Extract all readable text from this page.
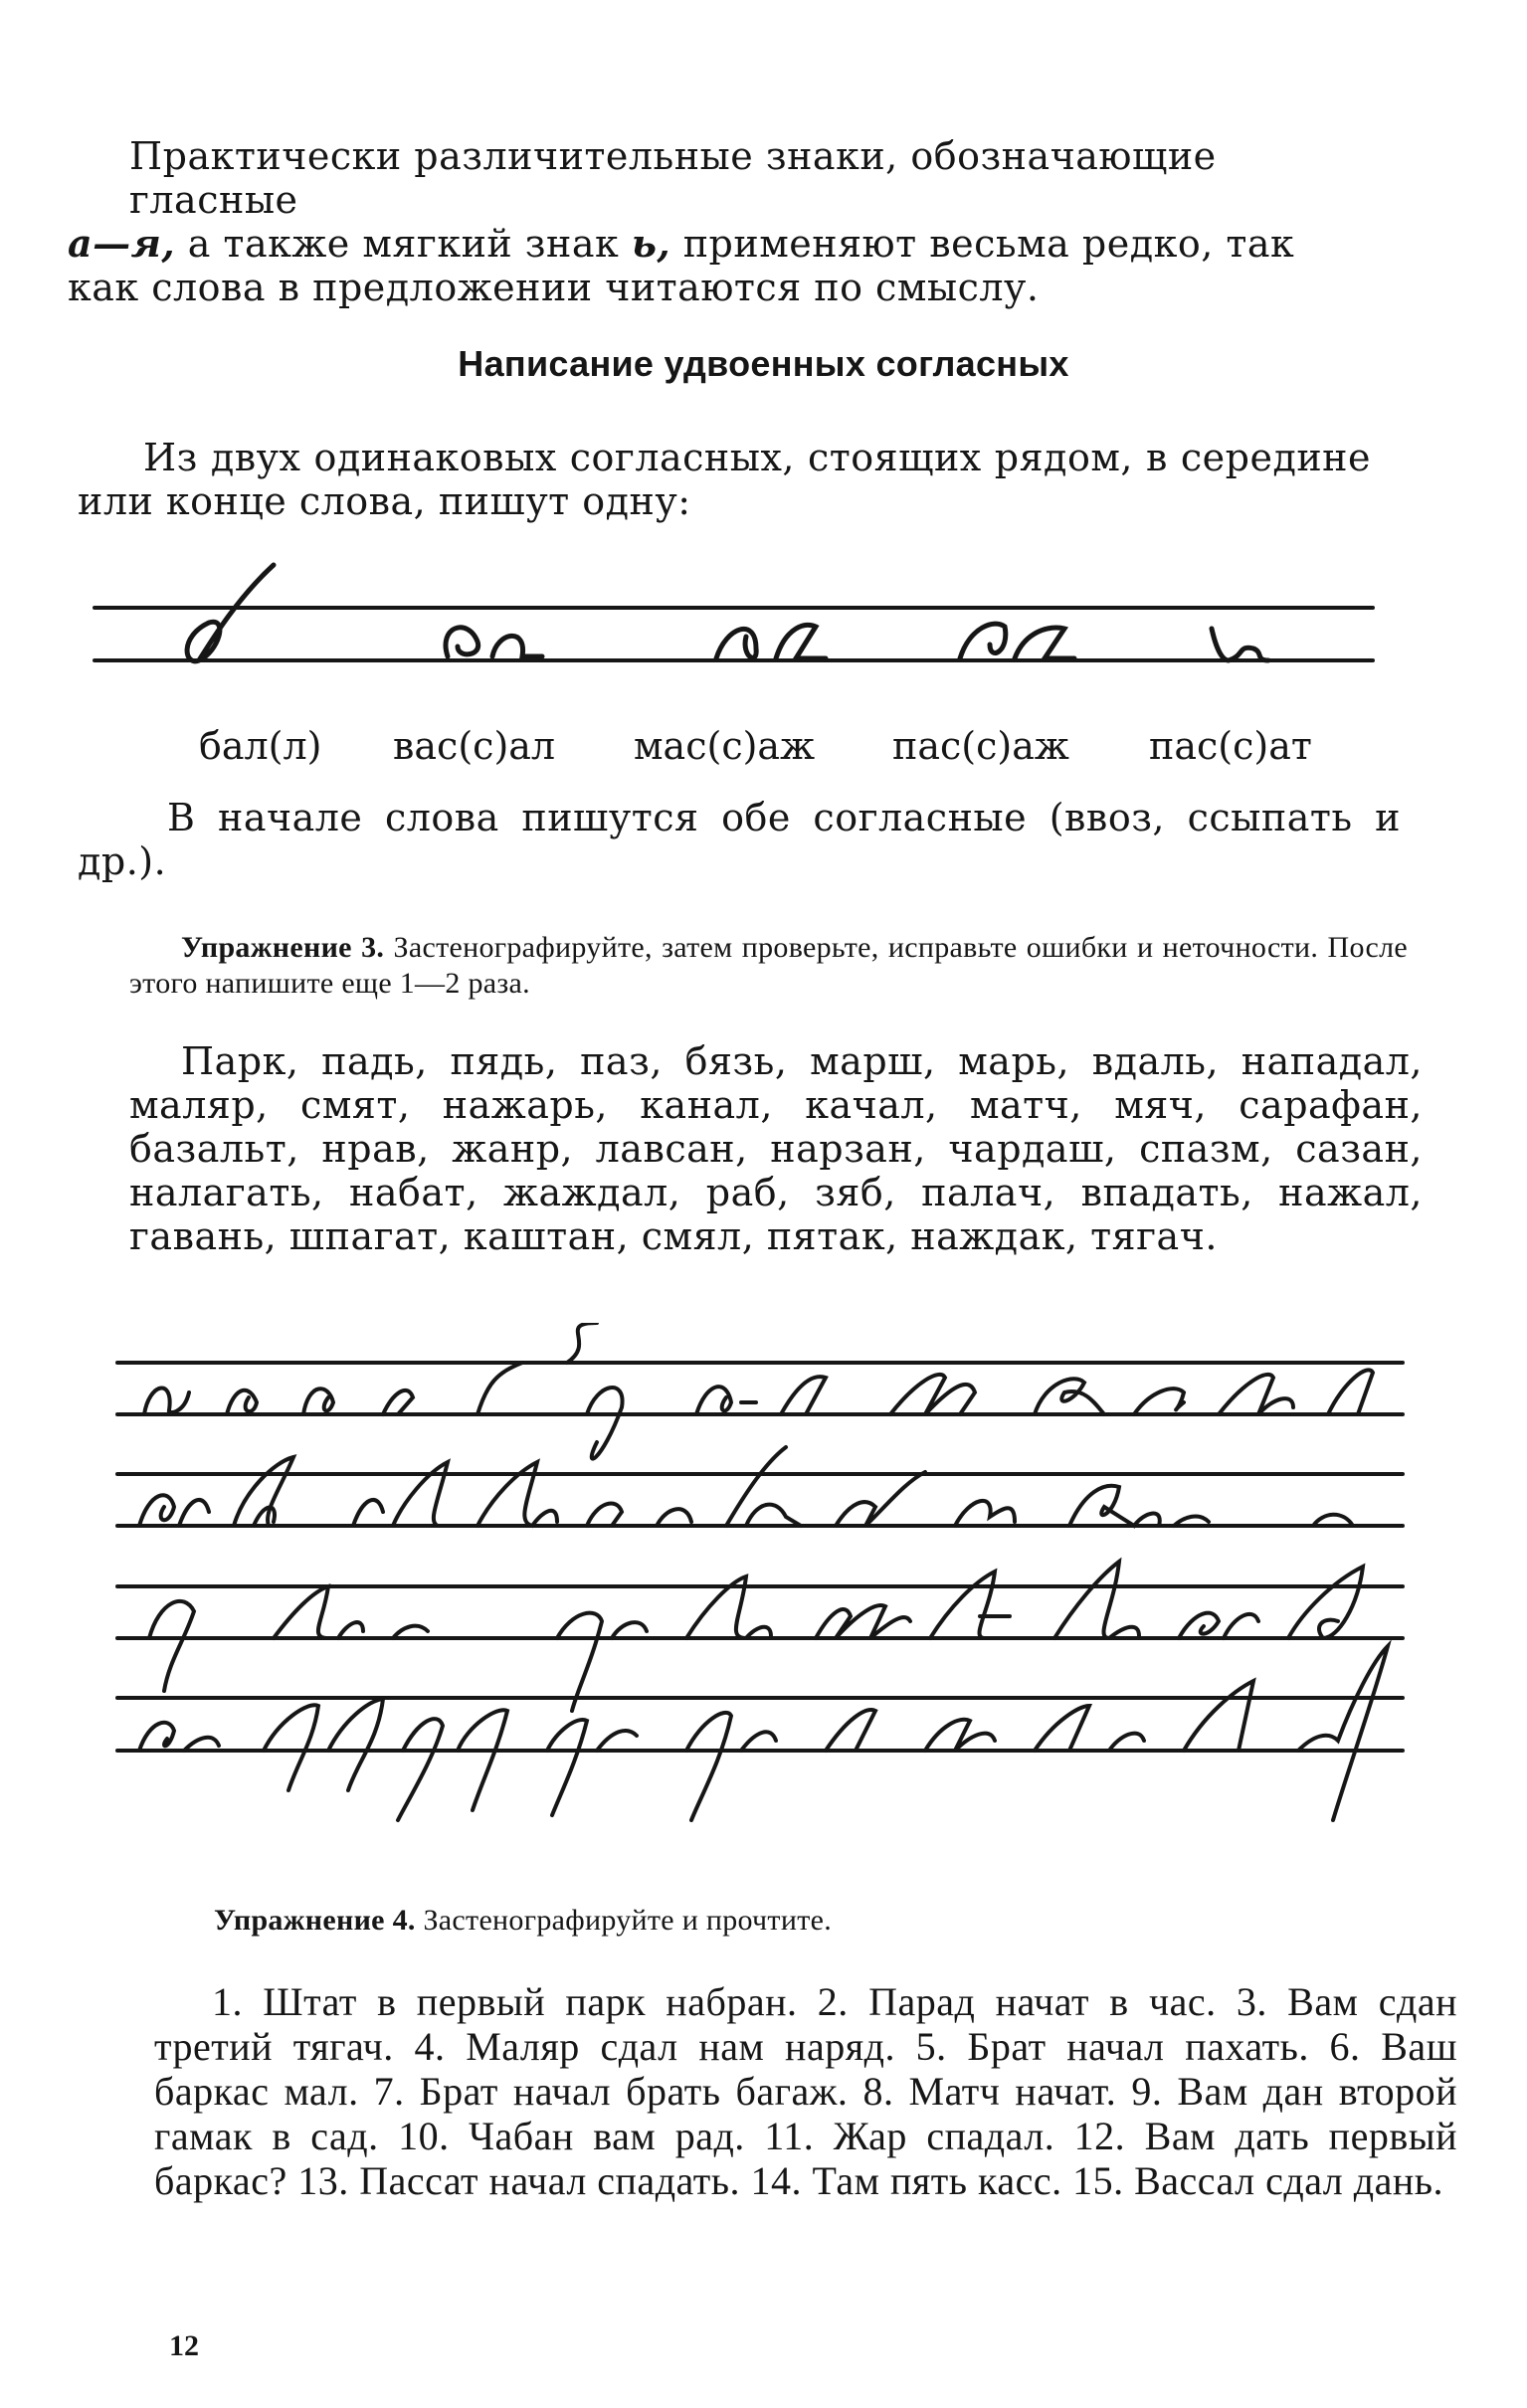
Практически различительные знаки, обозначающие гласные
а—я, а также мягкий знак ь, применяют весьма редко, так
как слова в предложении читаются по смыслу.
Написание удвоенных согласных
Из двух одинаковых согласных, стоящих рядом, в середине или конце слова, пишут одну:
бал(л) вас(с)ал мас(с)аж пас(с)аж пас(с)ат
В начале слова пишутся обе согласные (ввоз, ссыпать и др.).
Упражнение 3. Застенографируйте, затем проверьте, исправьте ошибки и неточности. После этого напишите еще 1—2 раза.
Парк, падь, пядь, паз, бязь, марш, марь, вдаль, нападал, маляр, смят, нажарь, канал, качал, матч, мяч, сарафан, базальт, нрав, жанр, лавсан, нарзан, чардаш, спазм, сазан, налагать, набат, жаждал, раб, зяб, палач, впадать, нажал, гавань, шпагат, каштан, смял, пятак, наждак, тягач.
Упражнение 4. Застенографируйте и прочтите.
1. Штат в первый парк набран. 2. Парад начат в час. 3. Вам сдан третий тягач. 4. Маляр сдал нам наряд. 5. Брат начал пахать. 6. Ваш баркас мал. 7. Брат начал брать багаж. 8. Матч начат. 9. Вам дан второй гамак в сад. 10. Чабан вам рад. 11. Жар спадал. 12. Вам дать первый баркас? 13. Пассат начал спадать. 14. Там пять касс. 15. Вассал сдал дань.
12
